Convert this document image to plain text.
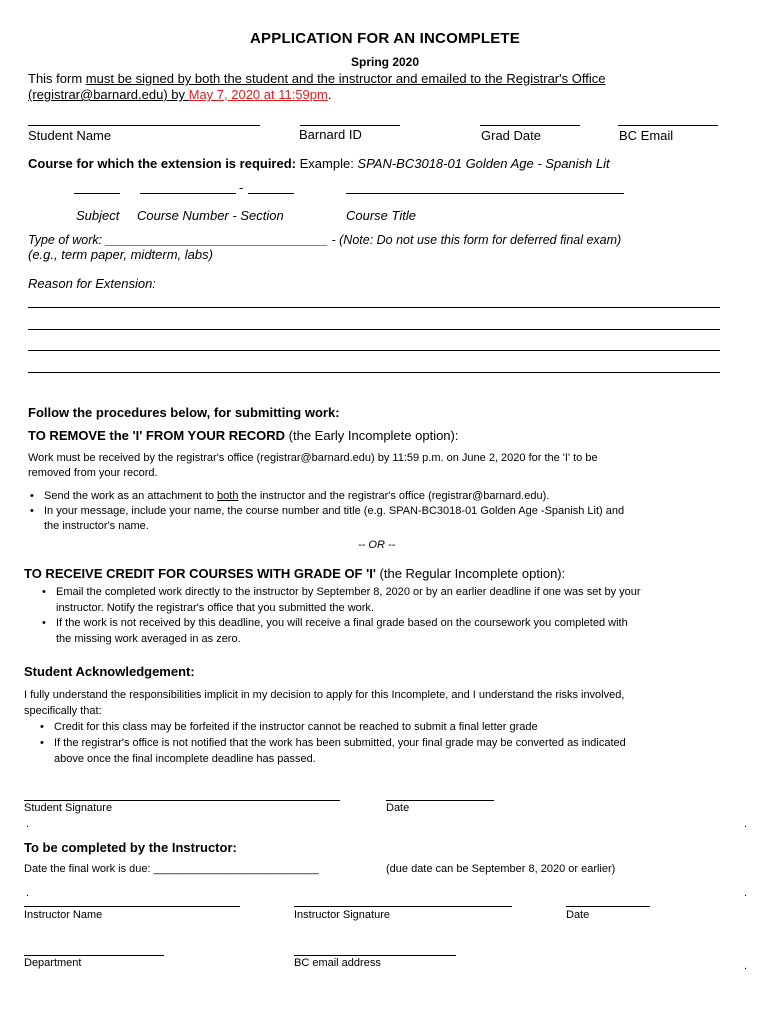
APPLICATION FOR AN INCOMPLETE
Spring 2020
This form must be signed by both the student and the instructor and emailed to the Registrar's Office
(registrar@barnard.edu) by May 7, 2020 at 11:59pm.
Student Name	Barnard ID	Grad Date	BC Email
Course for which the extension is required: Example: SPAN-BC3018-01 Golden Age - Spanish Lit
-
Subject Course Number - Section	Course Title
Type of work: ________________________________ - (Note: Do not use this form for deferred final exam)
(e.g., term paper, midterm, labs)
Reason for Extension:
Follow the procedures below, for submitting work:
TO REMOVE the 'I' FROM YOUR RECORD (the Early Incomplete option):
Work must be received by the registrar's office (registrar@barnard.edu) by 11:59 p.m. on June 2, 2020 for the 'I' to be
removed from your record.
• Send the work as an attachment to both the instructor and the registrar's office (registrar@barnard.edu).
• In your message, include your name, the course number and title (e.g. SPAN-BC3018-01 Golden Age -Spanish Lit) and
the instructor's name.
-- OR --
TO RECEIVE CREDIT FOR COURSES WITH GRADE OF 'I' (the Regular Incomplete option):
• Email the completed work directly to the instructor by September 8, 2020 or by an earlier deadline if one was set by your
instructor. Notify the registrar's office that you submitted the work.
• If the work is not received by this deadline, you will receive a final grade based on the coursework you completed with
the missing work averaged in as zero.
Student Acknowledgement:
I fully understand the responsibilities implicit in my decision to apply for this Incomplete, and I understand the risks involved,
specifically that:
• Credit for this class may be forfeited if the instructor cannot be reached to submit a final letter grade
• If the registrar's office is not notified that the work has been submitted, your final grade may be converted as indicated
above once the final incomplete deadline has passed.
Student Signature	Date
.	.
To be completed by the Instructor:
Date the final work is due: ___________________________	(due date can be September 8, 2020 or earlier)
.	.
Instructor Name	Instructor Signature	Date
Department	BC email address	.
